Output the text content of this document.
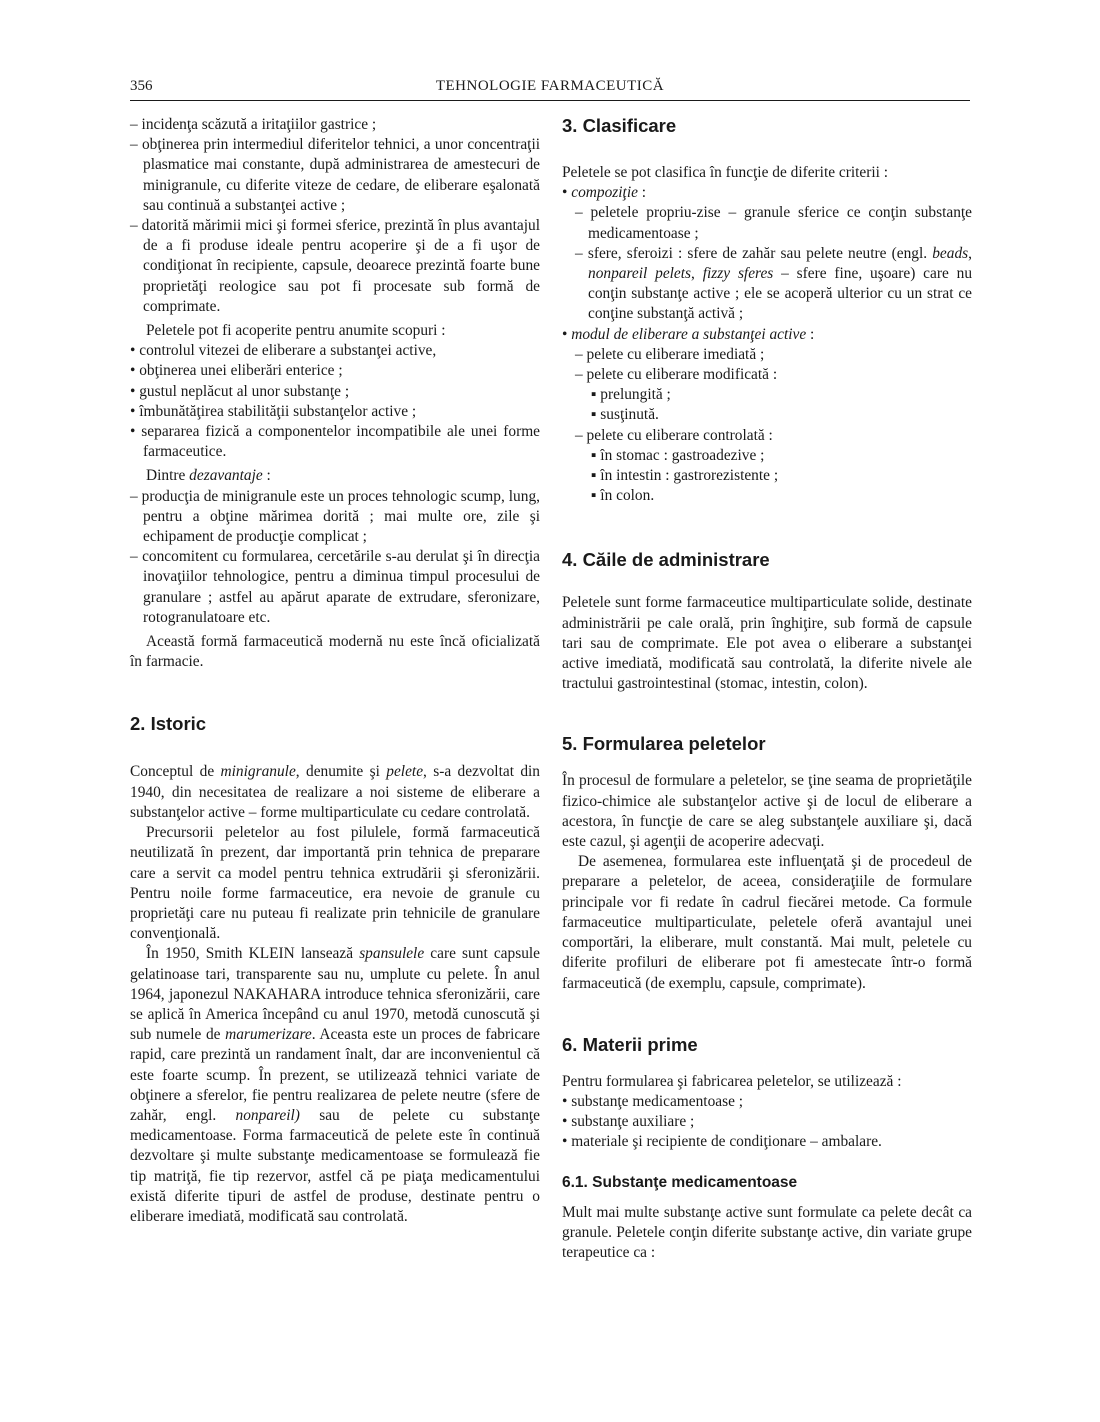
356	TEHNOLOGIE FARMACEUTICĂ

– incidenţa scăzută a iritaţiilor gastrice ;

– obţinerea prin intermediul diferitelor tehnici, a unor concentraţii plasmatice mai constante, după administrarea de amestecuri de minigranule, cu diferite viteze de cedare, de eliberare eşalonată sau continuă a substanţei active ;

– datorită mărimii mici şi formei sferice, prezintă în plus avantajul de a fi produse ideale pentru acoperire şi de a fi uşor de condiţionat în recipiente, capsule, deoarece prezintă foarte bune proprietăţi reologice sau pot fi procesate sub formă de comprimate.

Peletele pot fi acoperite pentru anumite scopuri :

• controlul vitezei de eliberare a substanţei active,

• obţinerea unei eliberări enterice ;

• gustul neplăcut al unor substanţe ;

• îmbunătăţirea stabilităţii substanţelor active ;

• separarea fizică a componentelor incompatibile ale unei forme farmaceutice.

Dintre dezavantaje :

– producţia de minigranule este un proces tehnologic scump, lung, pentru a obţine mărimea dorită ; mai multe ore, zile şi echipament de producţie complicat ;

– concomitent cu formularea, cercetările s-au derulat şi în direcţia inovaţiilor tehnologice, pentru a diminua timpul procesului de granulare ; astfel au apărut aparate de extrudare, sferonizare, rotogranulatoare etc.

Această formă farmaceutică modernă nu este încă oficializată în farmacie.

2. Istoric

Conceptul de minigranule, denumite şi pelete, s-a dezvoltat din 1940, din necesitatea de realizare a noi sisteme de eliberare a substanţelor active – forme multiparticulate cu cedare controlată.

Precursorii peletelor au fost pilulele, formă farmaceutică neutilizată în prezent, dar importantă prin tehnica de preparare care a servit ca model pentru tehnica extrudării şi sferonizării. Pentru noile forme farmaceutice, era nevoie de granule cu proprietăţi care nu puteau fi realizate prin tehnicile de granulare convenţională.

În 1950, Smith KLEIN lansează spansulele care sunt capsule gelatinoase tari, transparente sau nu, umplute cu pelete. În anul 1964, japonezul NAKAHARA introduce tehnica sferonizării, care se aplică în America începând cu anul 1970, metodă cunoscută şi sub numele de marumerizare. Aceasta este un proces de fabricare rapid, care prezintă un randament înalt, dar are inconvenientul că este foarte scump. În prezent, se utilizează tehnici variate de obţinere a sferelor, fie pentru realizarea de pelete neutre (sfere de zahăr, engl. nonpareil) sau de pelete cu substanţe medicamentoase. Forma farmaceutică de pelete este în continuă dezvoltare şi multe substanţe medicamentoase se formulează fie tip matriţă, fie tip rezervor, astfel că pe piaţa medicamentului există diferite tipuri de astfel de produse, destinate pentru o eliberare imediată, modificată sau controlată.

3. Clasificare

Peletele se pot clasifica în funcţie de diferite criterii :

• compoziţie :

– peletele propriu-zise – granule sferice ce conţin substanţe medicamentoase ;

– sfere, sferoizi : sfere de zahăr sau pelete neutre (engl. beads, nonpareil pelets, fizzy sferes – sfere fine, uşoare) care nu conţin substanţe active ; ele se acoperă ulterior cu un strat ce conţine substanţă activă ;

• modul de eliberare a substanţei active :

– pelete cu eliberare imediată ;

– pelete cu eliberare modificată :

▪ prelungită ;

▪ susţinută.

– pelete cu eliberare controlată :

▪ în stomac : gastroadezive ;

▪ în intestin : gastrorezistente ;

▪ în colon.

4. Căile de administrare

Peletele sunt forme farmaceutice multiparticulate solide, destinate administrării pe cale orală, prin înghiţire, sub formă de capsule tari sau de comprimate. Ele pot avea o eliberare a substanţei active imediată, modificată sau controlată, la diferite nivele ale tractului gastrointestinal (stomac, intestin, colon).

5. Formularea peletelor

În procesul de formulare a peletelor, se ţine seama de proprietăţile fizico-chimice ale substanţelor active şi de locul de eliberare a acestora, în funcţie de care se aleg substanţele auxiliare şi, dacă este cazul, şi agenţii de acoperire adecvaţi.

De asemenea, formularea este influenţată şi de procedeul de preparare a peletelor, de aceea, consideraţiile de formulare principale vor fi redate în cadrul fiecărei metode. Ca formule farmaceutice multiparticulate, peletele oferă avantajul unei comportări, la eliberare, mult constantă. Mai mult, peletele cu diferite profiluri de eliberare pot fi amestecate într-o formă farmaceutică (de exemplu, capsule, comprimate).

6. Materii prime

Pentru formularea şi fabricarea peletelor, se utilizează :

• substanţe medicamentoase ;

• substanţe auxiliare ;

• materiale şi recipiente de condiţionare – ambalare.

6.1. Substanţe medicamentoase

Mult mai multe substanţe active sunt formulate ca pelete decât ca granule. Peletele conţin diferite substanţe active, din variate grupe terapeutice ca :
